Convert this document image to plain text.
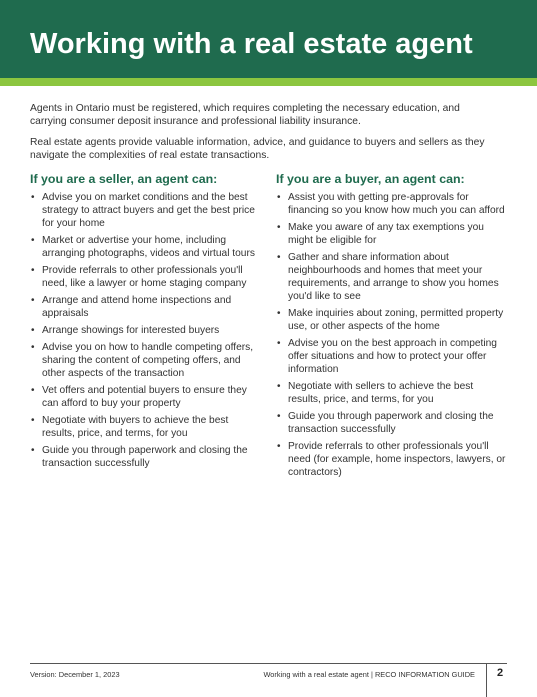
Working with a real estate agent

Agents in Ontario must be registered, which requires completing the necessary education, and carrying consumer deposit insurance and professional liability insurance.

Real estate agents provide valuable information, advice, and guidance to buyers and sellers as they navigate the complexities of real estate transactions.

If you are a seller, an agent can:
• Advise you on market conditions and the best strategy to attract buyers and get the best price for your home
• Market or advertise your home, including arranging photographs, videos and virtual tours
• Provide referrals to other professionals you'll need, like a lawyer or home staging company
• Arrange and attend home inspections and appraisals
• Arrange showings for interested buyers
• Advise you on how to handle competing offers, sharing the content of competing offers, and other aspects of the transaction
• Vet offers and potential buyers to ensure they can afford to buy your property
• Negotiate with buyers to achieve the best results, price, and terms, for you
• Guide you through paperwork and closing the transaction successfully
If you are a buyer, an agent can:
• Assist you with getting pre-approvals for financing so you know how much you can afford
• Make you aware of any tax exemptions you might be eligible for
• Gather and share information about neighbourhoods and homes that meet your requirements, and arrange to show you homes you'd like to see
• Make inquiries about zoning, permitted property use, or other aspects of the home
• Advise you on the best approach in competing offer situations and how to protect your offer information
• Negotiate with sellers to achieve the best results, price, and terms, for you
• Guide you through paperwork and closing the transaction successfully
• Provide referrals to other professionals you'll need (for example, home inspectors, lawyers, or contractors)
Version: December 1, 2023	Working with a real estate agent | RECO INFORMATION GUIDE 2
